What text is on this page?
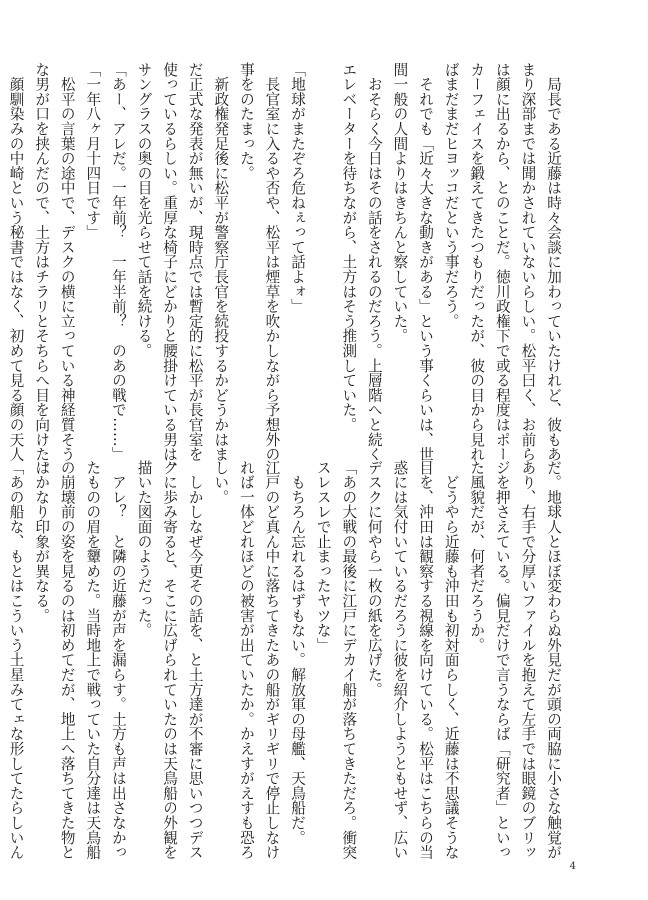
　局長である近藤は時々会談に加わっていたけれど、彼もあ
まり深部までは聞かされていないらしい。松平曰く、お前ら
は顔に出るから、とのことだ。徳川政権下で或る程度はポー
カーフェイスを鍛えてきたつもりだったが、彼の目から見れ
ばまだまだヒヨッコだという事だろう。
　それでも「近々大きな動きがある」という事くらいは、世
間一般の人間よりはきちんと察していた。
　おそらく今日はその話をされるのだろう。上層階へと続く
エレベーターを待ちながら、土方はそう推測していた。

「地球がまたぞろ危ねぇって話よォ」
　長官室に入るや否や、松平は煙草を吹かしながら予想外の
事をのたまった。
　新政権発足後に松平が警察庁長官を続投するかどうかはま
だ正式な発表が無いが、現時点では暫定的に松平が長官室を
使っているらしい。重厚な椅子にどかりと腰掛けている男は、
サングラスの奥の目を光らせて話を続ける。
「あー、アレだ。一年前？　一年半前？　のあの戦で……」
「一年八ヶ月十四日です」
　松平の言葉の途中で、デスクの横に立っている神経質そう
な男が口を挟んだので、土方はチラリとそちらへ目を向けた。
　顔馴染みの中崎という秘書ではなく、初めて見る顔の天人
だ。地球人とほぼ変わらぬ外見だが頭の両脇に小さな触覚が
あり、右手で分厚いファイルを抱えて左手では眼鏡のブリッ
ジを押さえている。偏見だけで言うならば「研究者」といっ
た風貌だが、何者だろうか。
　どうやら近藤も沖田も初対面らしく、近藤は不思議そうな
目を、沖田は観察する視線を向けている。松平はこちらの当
惑には気付いているだろうに彼を紹介しようともせず、広い
デスクに何やら一枚の紙を広げた。
「あの大戦の最後に江戸にデカイ船が落ちてきただろ。衝突
スレスレで止まったヤツな」
　もちろん忘れるはずもない。解放軍の母艦、天鳥船だ。
江戸のど真ん中に落ちてきたあの船がギリギリで停止しなけ
れば一体どれほどの被害が出ていたか。かえすがえすも恐ろ
しい。
　しかしなぜ今更その話を、と土方達が不審に思いつつデス
クに歩み寄ると、そこに広げられていたのは天鳥船の外観を
描いた図面のようだった。
　アレ？　と隣の近藤が声を漏らす。土方も声は出さなかっ
たものの眉を顰めた。当時地上で戦っていた自分達は天鳥船
の崩壊前の姿を見るのは初めてだが、地上へ落ちてきた物と
はかなり印象が異なる。
「あの船な、もとはこういう土星みてェな形してたらしいん
4
